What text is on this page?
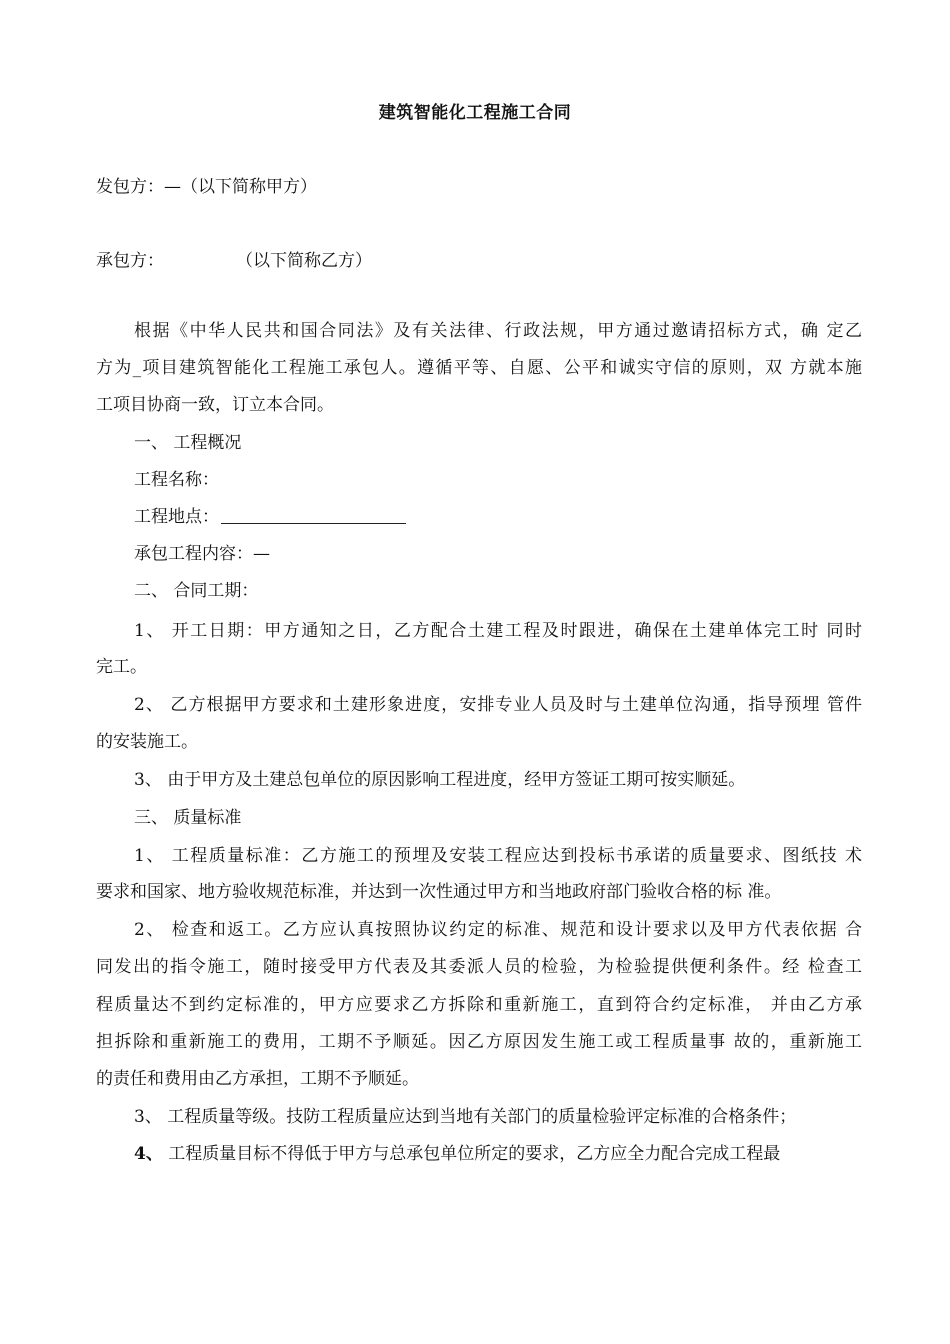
建筑智能化工程施工合同
发包方：—（以下简称甲方）
承包方：	（以下简称乙方）
根据《中华人民共和国合同法》及有关法律、行政法规，甲方通过邀请招标方式，确 定乙
方为_项目建筑智能化工程施工承包人。遵循平等、自愿、公平和诚实守信的原则，双 方就本施
工项目协商一致，订立本合同。
一、 工程概况
工程名称：
工程地点：
承包工程内容：—
二、 合同工期：
1、 开工日期：甲方通知之日，乙方配合土建工程及时跟进，确保在土建单体完工时 同时
完工。
2、 乙方根据甲方要求和土建形象进度，安排专业人员及时与土建单位沟通，指导预埋 管件
的安装施工。
3、 由于甲方及土建总包单位的原因影响工程进度，经甲方签证工期可按实顺延。
三、 质量标准
1、 工程质量标准：乙方施工的预埋及安装工程应达到投标书承诺的质量要求、图纸技 术
要求和国家、地方验收规范标准，并达到一次性通过甲方和当地政府部门验收合格的标 准。
2、 检查和返工。乙方应认真按照协议约定的标准、规范和设计要求以及甲方代表依据 合
同发出的指令施工，随时接受甲方代表及其委派人员的检验，为检验提供便利条件。经 检查工
程质量达不到约定标准的，甲方应要求乙方拆除和重新施工，直到符合约定标准， 并由乙方承
担拆除和重新施工的费用，工期不予顺延。因乙方原因发生施工或工程质量事 故的，重新施工
的责任和费用由乙方承担，工期不予顺延。
3、 工程质量等级。技防工程质量应达到当地有关部门的质量检验评定标准的合格条件；
4、 工程质量目标不得低于甲方与总承包单位所定的要求，乙方应全力配合完成工程最
